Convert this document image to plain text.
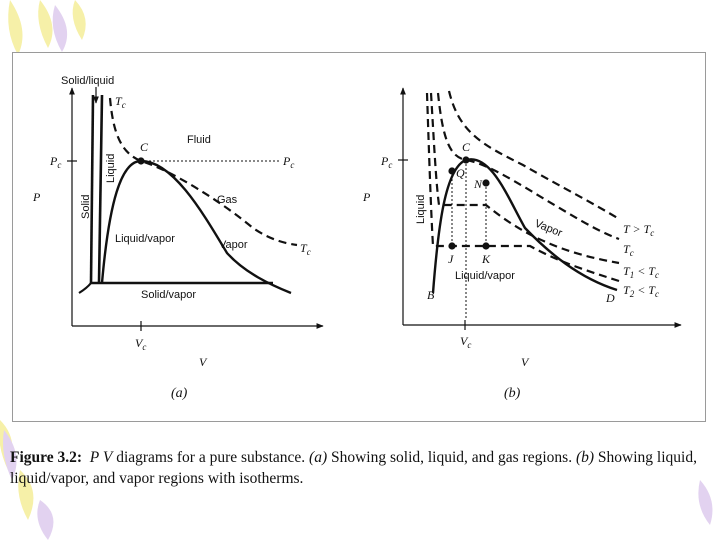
Solid/liquid
Liquid
Solid
Fluid
Gas
Liquid/vapor	Vapor
Solid/vapor
C
$P_c$	$P_c$
$T_c$
$T_c$
$V_c$
P
V
(a)
C
Q
N
J K
B	D
Liquid
Vapor
Liquid/vapor
$T > T_c$
$T_c$
$T_1 < T_c$
$T_2 < T_c$
$P_c$
$V_c$
P
V
(b)
Figure 3.2: P V diagrams for a pure substance. (a) Showing solid, liquid, and gas regions. (b) Showing liquid, liquid/vapor, and vapor regions with isotherms.
